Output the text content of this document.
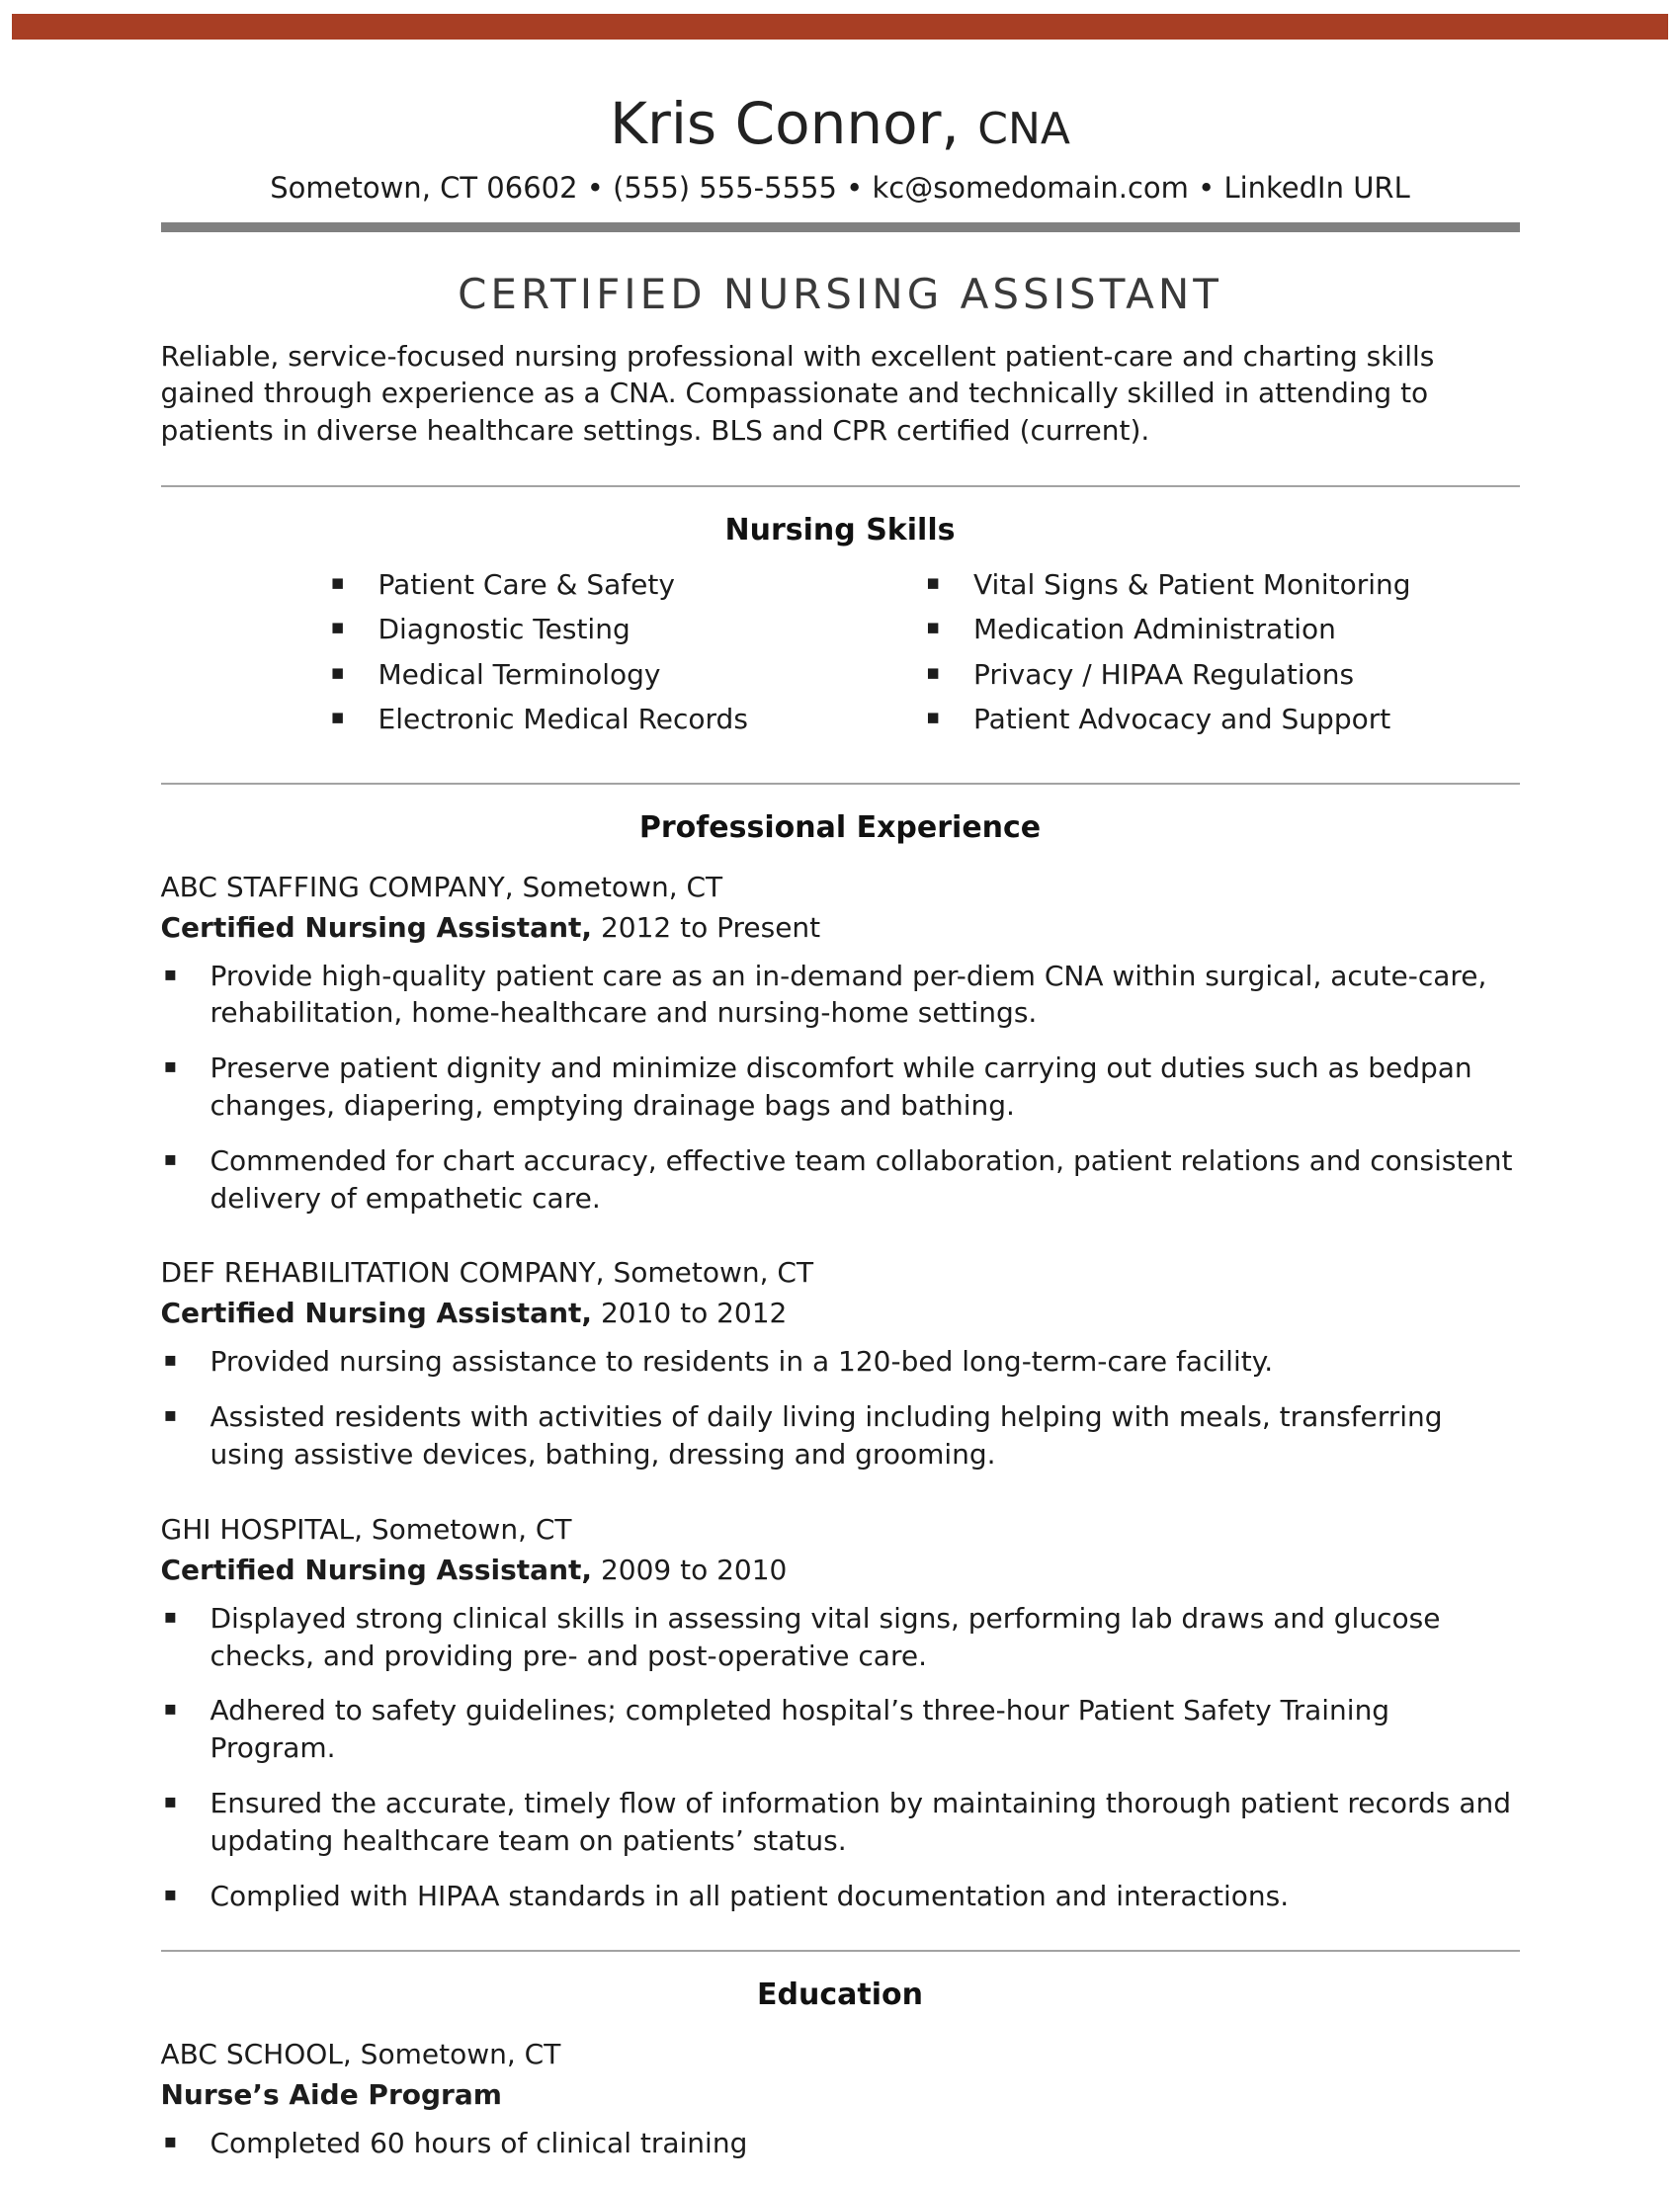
Kris Connor, CNA

Sometown, CT 06602 • (555) 555-5555 • kc@somedomain.com • LinkedIn URL

CERTIFIED NURSING ASSISTANT

Reliable, service-focused nursing professional with excellent patient-care and charting skills gained through experience as a CNA. Compassionate and technically skilled in attending to patients in diverse healthcare settings. BLS and CPR certified (current).

Nursing Skills
▪ Patient Care & Safety
▪ Diagnostic Testing
▪ Medical Terminology
▪ Electronic Medical Records
▪ Vital Signs & Patient Monitoring
▪ Medication Administration
▪ Privacy / HIPAA Regulations
▪ Patient Advocacy and Support
Professional Experience

ABC STAFFING COMPANY, Sometown, CT

Certified Nursing Assistant, 2012 to Present

▪ Provide high-quality patient care as an in-demand per-diem CNA within surgical, acute-care, rehabilitation, home-healthcare and nursing-home settings.
▪ Preserve patient dignity and minimize discomfort while carrying out duties such as bedpan changes, diapering, emptying drainage bags and bathing.
▪ Commended for chart accuracy, effective team collaboration, patient relations and consistent delivery of empathetic care.

DEF REHABILITATION COMPANY, Sometown, CT

Certified Nursing Assistant, 2010 to 2012

▪ Provided nursing assistance to residents in a 120-bed long-term-care facility.
▪ Assisted residents with activities of daily living including helping with meals, transferring using assistive devices, bathing, dressing and grooming.

GHI HOSPITAL, Sometown, CT

Certified Nursing Assistant, 2009 to 2010

▪ Displayed strong clinical skills in assessing vital signs, performing lab draws and glucose checks, and providing pre- and post-operative care.
▪ Adhered to safety guidelines; completed hospital’s three-hour Patient Safety Training Program.
▪ Ensured the accurate, timely flow of information by maintaining thorough patient records and updating healthcare team on patients’ status.
▪ Complied with HIPAA standards in all patient documentation and interactions.
Education

ABC SCHOOL, Sometown, CT

Nurse’s Aide Program

▪ Completed 60 hours of clinical training
